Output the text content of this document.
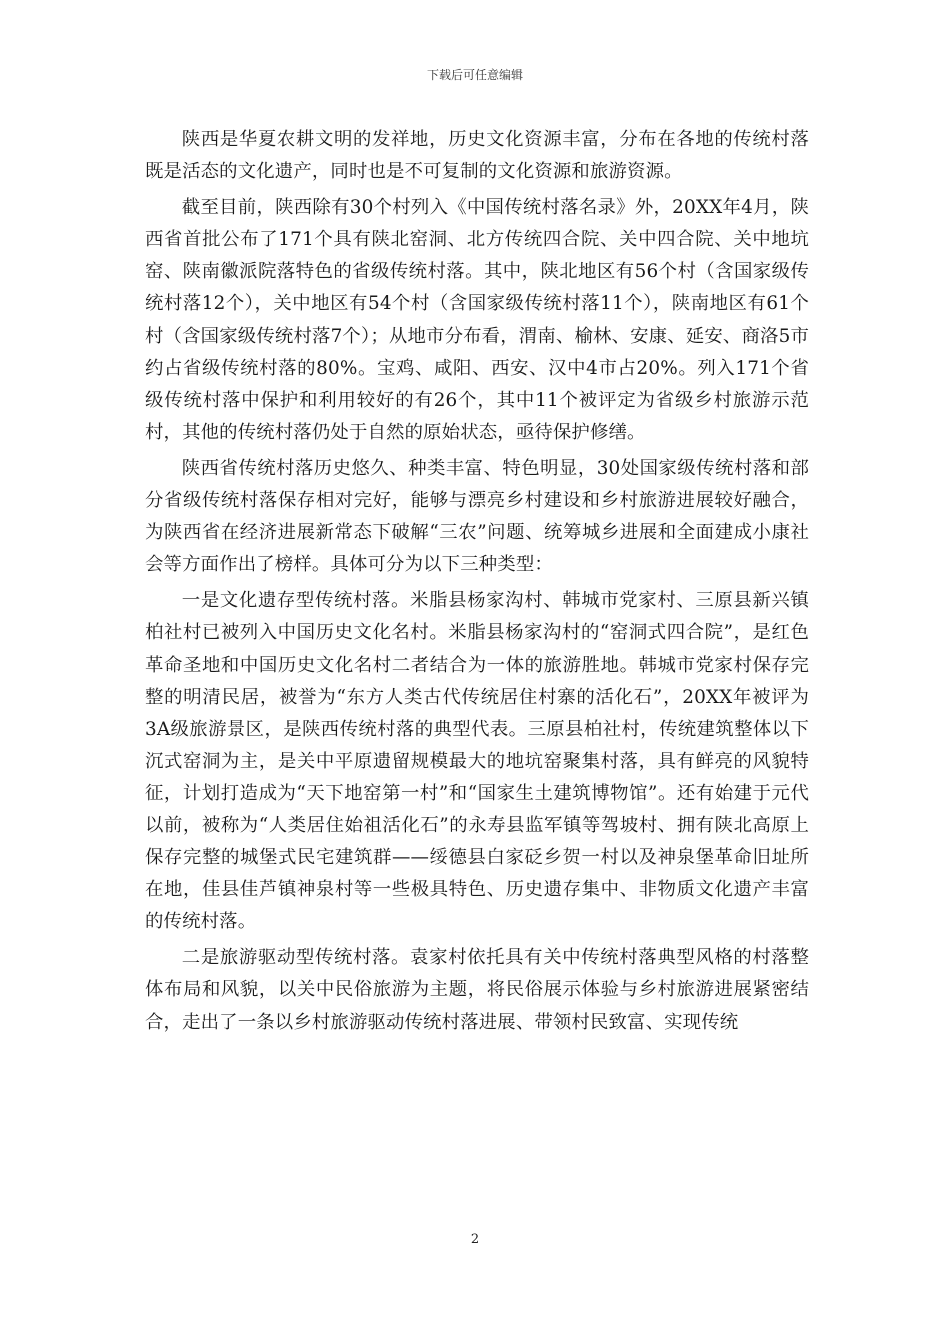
下载后可任意编辑

陕西是华夏农耕文明的发祥地，历史文化资源丰富，分布在各地的传统村落既是活态的文化遗产，同时也是不可复制的文化资源和旅游资源。

截至目前，陕西除有30个村列入《中国传统村落名录》外，20XX年4月，陕西省首批公布了171个具有陕北窑洞、北方传统四合院、关中四合院、关中地坑窑、陕南徽派院落特色的省级传统村落。其中，陕北地区有56个村（含国家级传统村落12个），关中地区有54个村（含国家级传统村落11个），陕南地区有61个村（含国家级传统村落7个）；从地市分布看，渭南、榆林、安康、延安、商洛5市约占省级传统村落的80%。宝鸡、咸阳、西安、汉中4市占20%。列入171个省级传统村落中保护和利用较好的有26个，其中11个被评定为省级乡村旅游示范村，其他的传统村落仍处于自然的原始状态，亟待保护修缮。

陕西省传统村落历史悠久、种类丰富、特色明显，30处国家级传统村落和部分省级传统村落保存相对完好，能够与漂亮乡村建设和乡村旅游进展较好融合，为陕西省在经济进展新常态下破解“三农”问题、统筹城乡进展和全面建成小康社会等方面作出了榜样。具体可分为以下三种类型：

一是文化遗存型传统村落。米脂县杨家沟村、韩城市党家村、三原县新兴镇柏社村已被列入中国历史文化名村。米脂县杨家沟村的“窑洞式四合院”，是红色革命圣地和中国历史文化名村二者结合为一体的旅游胜地。韩城市党家村保存完整的明清民居，被誉为“东方人类古代传统居住村寨的活化石”，20XX年被评为3A级旅游景区，是陕西传统村落的典型代表。三原县柏社村，传统建筑整体以下沉式窑洞为主，是关中平原遗留规模最大的地坑窑聚集村落，具有鲜亮的风貌特征，计划打造成为“天下地窑第一村”和“国家生土建筑博物馆”。还有始建于元代以前，被称为“人类居住始祖活化石”的永寿县监军镇等驾坡村、拥有陕北高原上保存完整的城堡式民宅建筑群——绥德县白家砭乡贺一村以及神泉堡革命旧址所在地，佳县佳芦镇神泉村等一些极具特色、历史遗存集中、非物质文化遗产丰富的传统村落。

二是旅游驱动型传统村落。袁家村依托具有关中传统村落典型风格的村落整体布局和风貌，以关中民俗旅游为主题，将民俗展示体验与乡村旅游进展紧密结合，走出了一条以乡村旅游驱动传统村落进展、带领村民致富、实现传统

2
